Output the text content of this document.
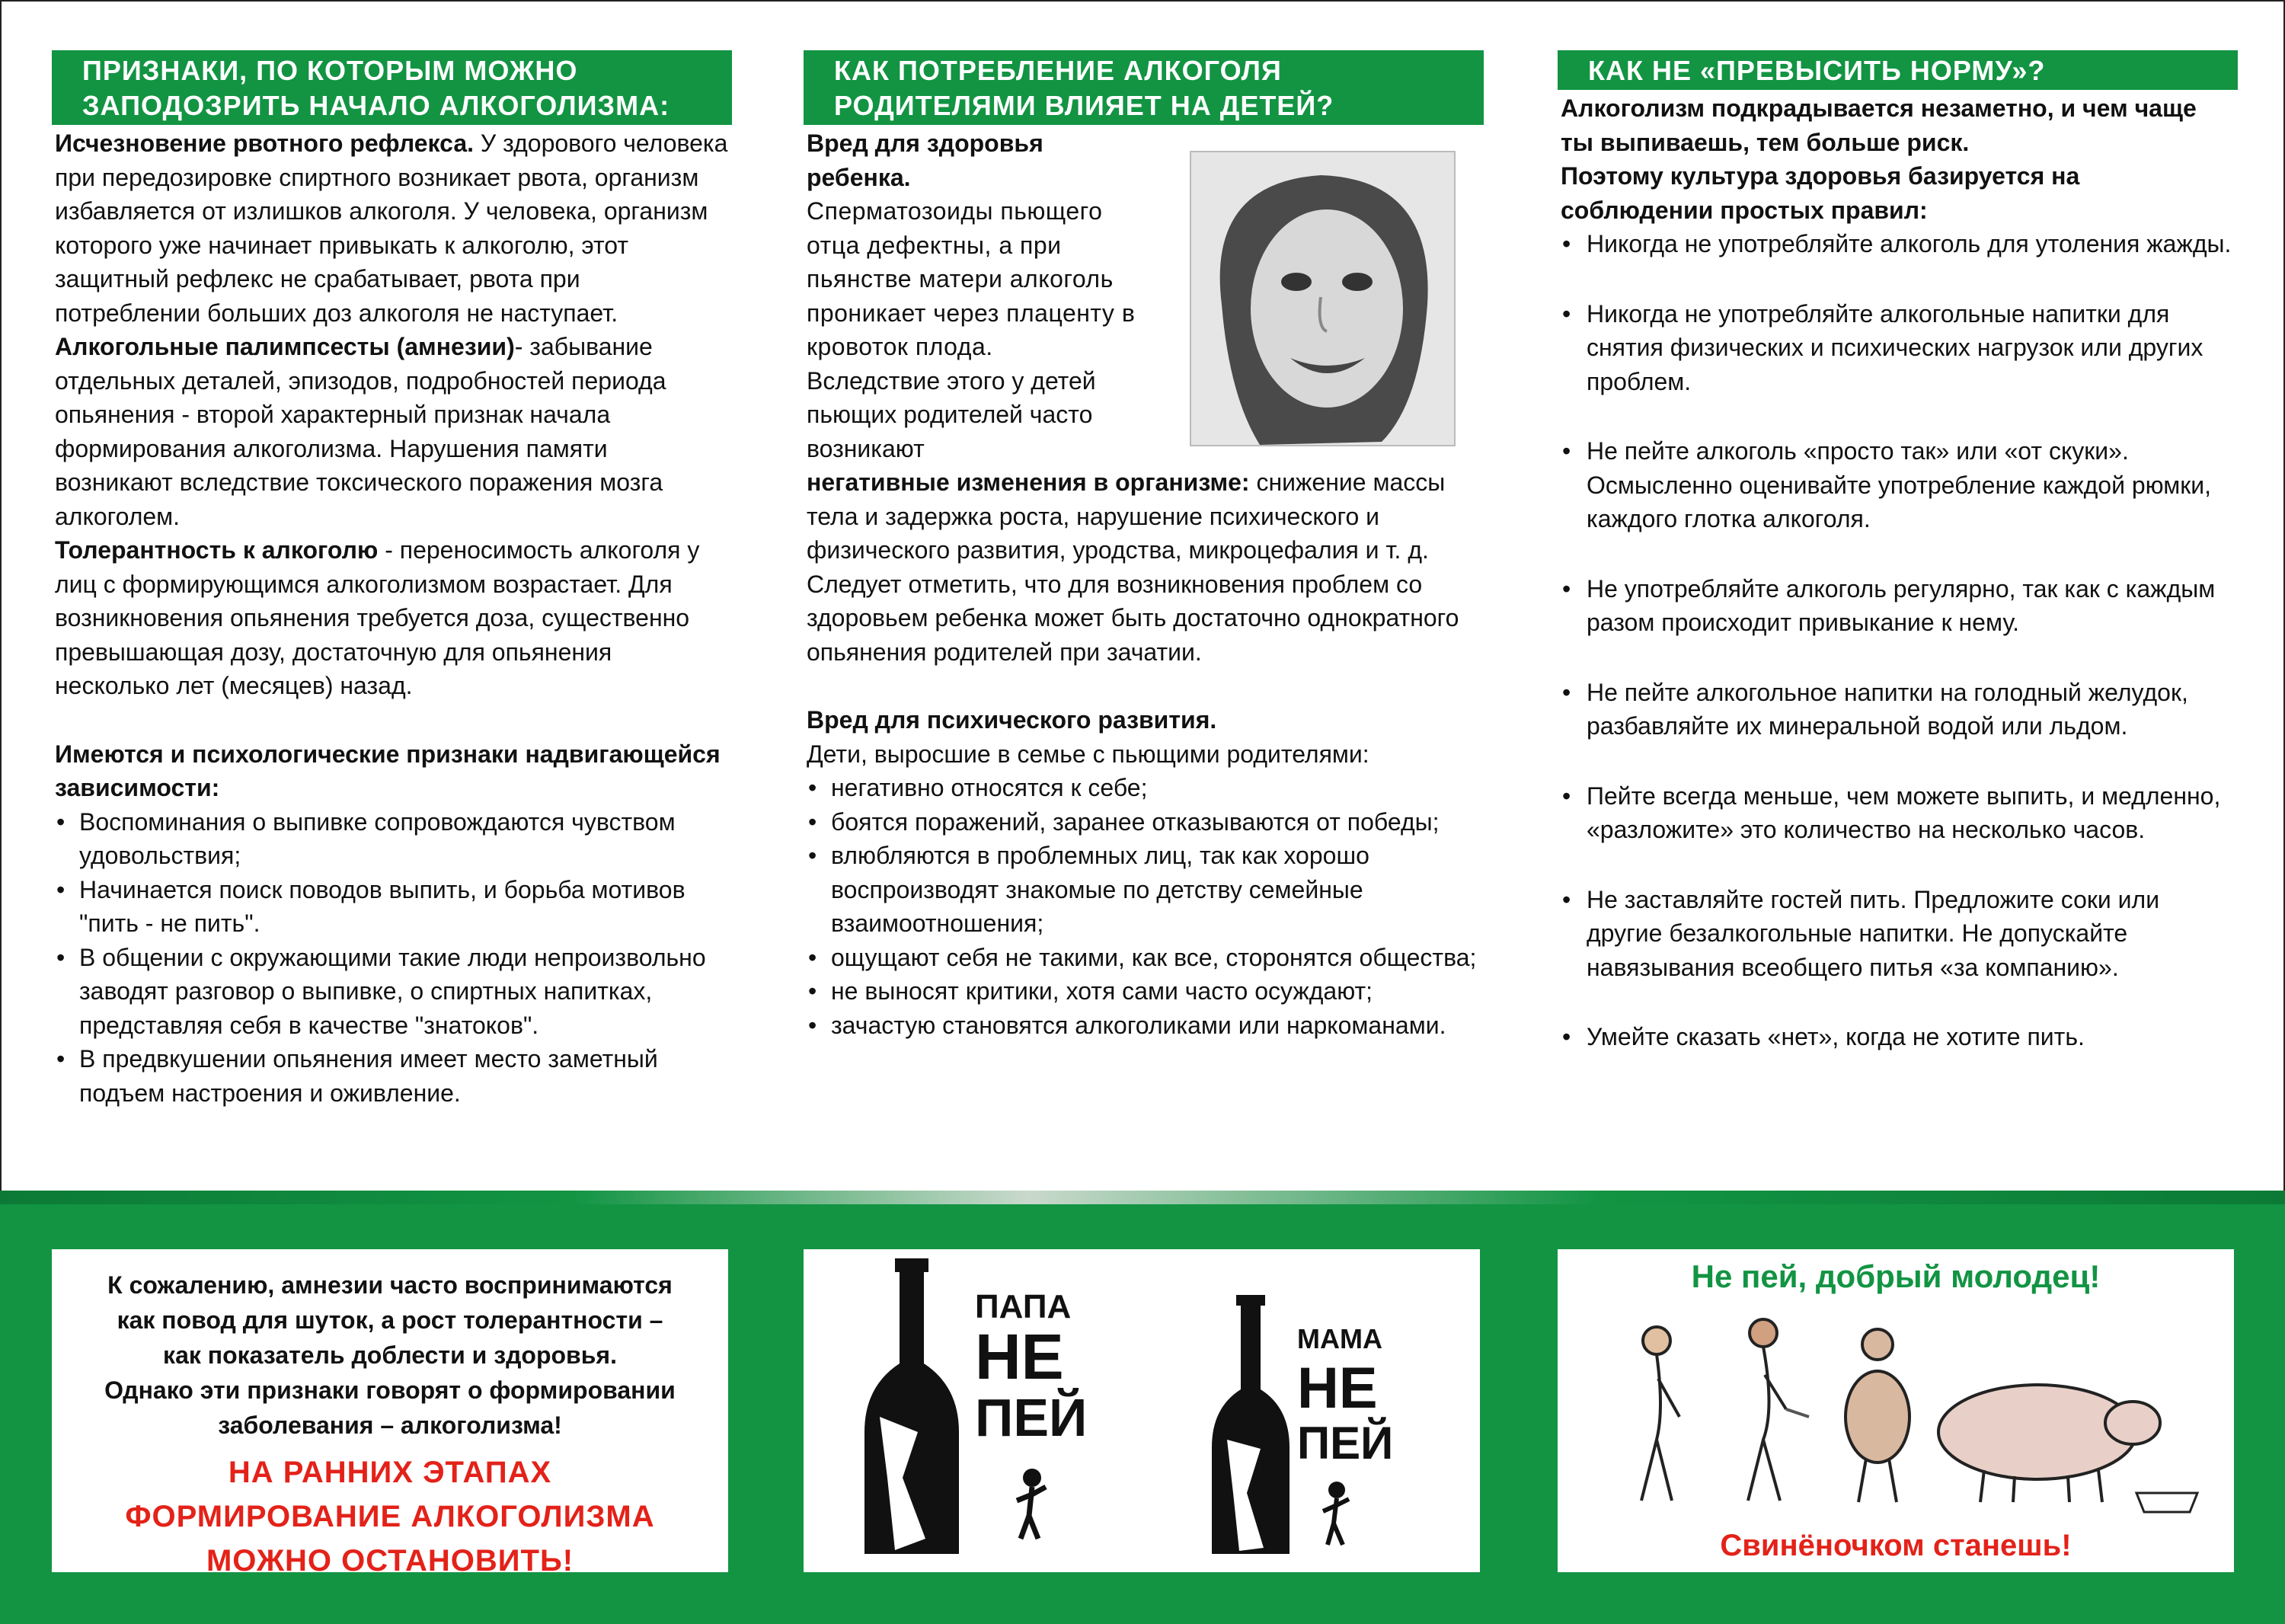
ПРИЗНАКИ, ПО КОТОРЫМ МОЖНО
ЗАПОДОЗРИТЬ НАЧАЛО АЛКОГОЛИЗМА:

Исчезновение рвотного рефлекса. У здорового человека при передозировке спиртного возникает рвота, организм избавляется от излишков алкоголя. У человека, организм которого уже начинает привыкать к алкоголю, этот защитный рефлекс не срабатывает, рвота при потреблении больших доз алкоголя не наступает.

Алкогольные палимпсесты (амнезии)- забывание отдельных деталей, эпизодов, подробностей периода опьянения - второй характерный признак начала формирования алкоголизма. Нарушения памяти возникают вследствие токсического поражения мозга алкоголем.

Толерантность к алкоголю - переносимость алкоголя у лиц с формирующимся алкоголизмом возрастает. Для возникновения опьянения требуется доза, существенно превышающая дозу, достаточную для опьянения несколько лет (месяцев) назад.

Имеются и психологические признаки надвигающейся зависимости:

• Воспоминания о выпивке сопровождаются чувством удовольствия;
• Начинается поиск поводов выпить, и борьба мотивов "пить - не пить".
• В общении с окружающими такие люди непроизвольно заводят разговор о выпивке, о спиртных напитках, представляя себя в качестве "знатоков".
• В предвкушении опьянения имеет место заметный подъем настроения и оживление.
КАК ПОТРЕБЛЕНИЕ АЛКОГОЛЯ
РОДИТЕЛЯМИ ВЛИЯЕТ НА ДЕТЕЙ?

Вред для здоровья ребенка.

Сперматозоиды пьющего отца дефектны, а при пьянстве матери алкоголь проникает через плаценту в кровоток плода.

Вследствие этого у детей пьющих родителей часто возникают

негативные изменения в организме: снижение массы тела и задержка роста, нарушение психического и физического развития, уродства, микроцефалия и т. д.

Следует отметить, что для возникновения проблем со здоровьем ребенка может быть достаточно однократного опьянения родителей при зачатии.

Вред для психического развития.

Дети, выросшие в семье с пьющими родителями:

• негативно относятся к себе;
• боятся поражений, заранее отказываются от победы;
• влюбляются в проблемных лиц, так как хорошо воспроизводят знакомые по детству семейные взаимоотношения;
• ощущают себя не такими, как все, сторонятся общества;
• не выносят критики, хотя сами часто осуждают;
• зачастую становятся алкоголиками или наркоманами.
КАК НЕ «ПРЕВЫСИТЬ НОРМУ»?

Алкоголизм подкрадывается незаметно, и чем чаще ты выпиваешь, тем больше риск.

Поэтому культура здоровья базируется на соблюдении простых правил:

• Никогда не употребляйте алкоголь для утоления жажды.
• Никогда не употребляйте алкогольные напитки для снятия физических и психических нагрузок или других проблем.
• Не пейте алкоголь «просто так» или «от скуки». Осмысленно оценивайте употребление каждой рюмки, каждого глотка алкоголя.
• Не употребляйте алкоголь регулярно, так как с каждым разом происходит привыкание к нему.
• Не пейте алкогольное напитки на голодный желудок, разбавляйте их минеральной водой или льдом.
• Пейте всегда меньше, чем можете выпить, и медленно, «разложите» это количество на несколько часов.
• Не заставляйте гостей пить. Предложите соки или другие безалкогольные напитки. Не допускайте навязывания всеобщего питья «за компанию».
• Умейте сказать «нет», когда не хотите пить.
К сожалению, амнезии часто воспринимаются
как повод для шуток, а рост толерантности –
как показатель доблести и здоровья.
Однако эти признаки говорят о формировании
заболевания – алкоголизма!
НА РАННИХ ЭТАПАХ
ФОРМИРОВАНИЕ АЛКОГОЛИЗМА
МОЖНО ОСТАНОВИТЬ!
ПАПА
НЕ
ПЕЙ
МАМА
НЕ
ПЕЙ
Не пей, добрый молодец!
Свинёночком станешь!
